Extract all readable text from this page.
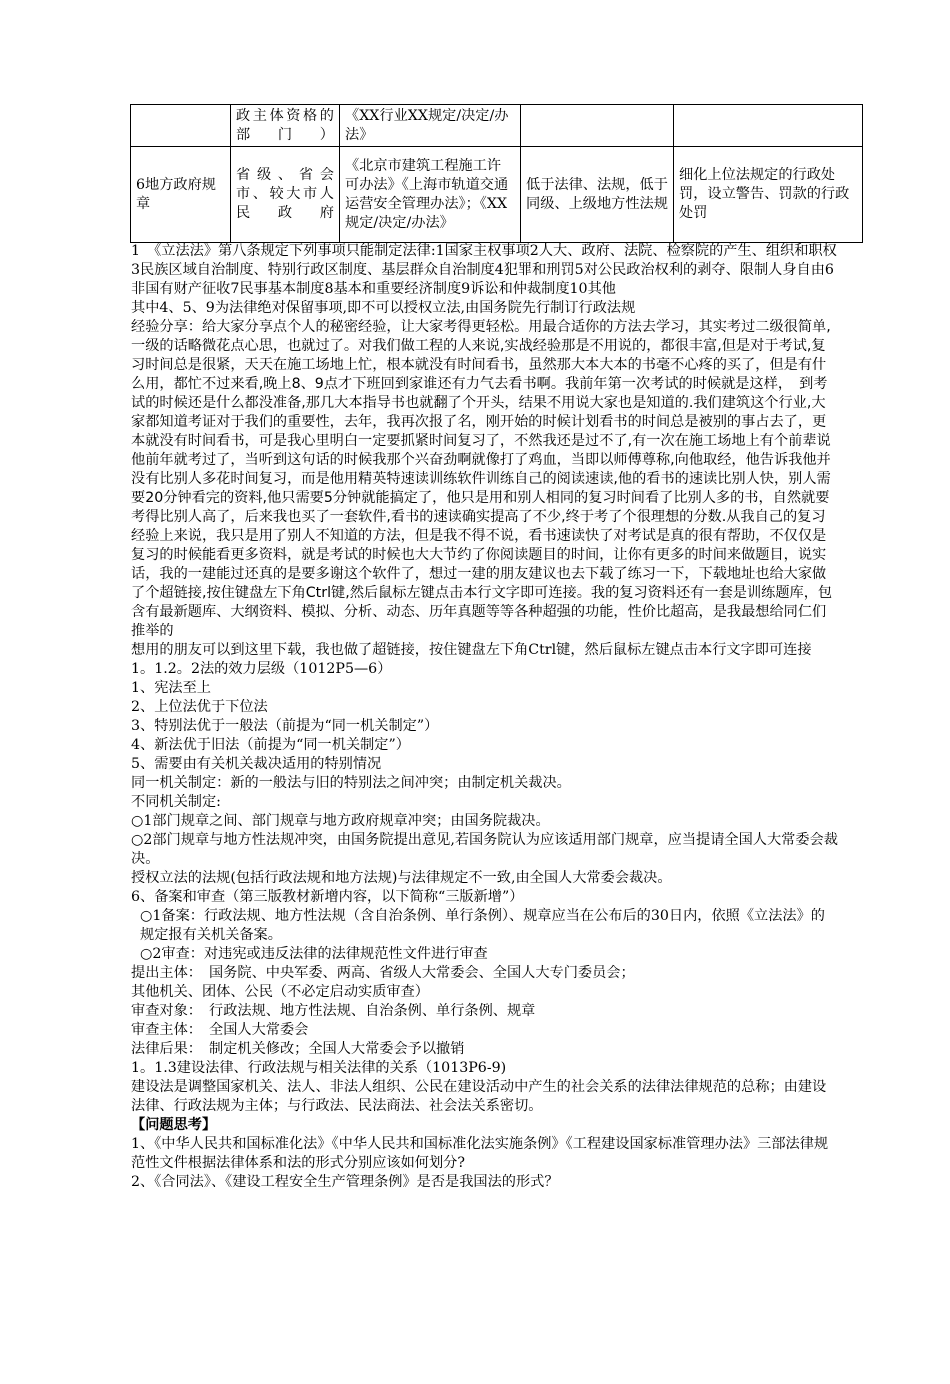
	政主体资格的部门）	《XX行业XX规定/决定/办法》		
6地方政府规章	省级、省会市、较大市人民政府	《北京市建筑工程施工许可办法》《上海市轨道交通运营安全管理办法》；《XX规定/决定/办法》	低于法律、法规，低于同级、上级地方性法规	细化上位法规定的行政处罚，设立警告、罚款的行政处罚

1　《立法法》第八条规定下列事项只能制定法律:1国家主权事项2人大、政府、法院、检察院的产生、组织和职权3民族区域自治制度、特别行政区制度、基层群众自治制度4犯罪和刑罚5对公民政治权利的剥夺、限制人身自由6非国有财产征收7民事基本制度8基本和重要经济制度9诉讼和仲裁制度10其他

其中4、5、9为法律绝对保留事项,即不可以授权立法,由国务院先行制订行政法规

经验分享：给大家分享点个人的秘密经验，让大家考得更轻松。用最合适你的方法去学习，其实考过二级很简单,一级的话略微花点心思，也就过了。对我们做工程的人来说,实战经验那是不用说的，都很丰富,但是对于考试,复习时间总是很紧，天天在施工场地上忙，根本就没有时间看书，虽然那大本大本的书毫不心疼的买了，但是有什么用，都忙不过来看,晚上8、9点才下班回到家谁还有力气去看书啊。我前年第一次考试的时候就是这样，　到考试的时候还是什么都没准备,那几大本指导书也就翻了个开头，结果不用说大家也是知道的.我们建筑这个行业,大家都知道考证对于我们的重要性，去年，我再次报了名，刚开始的时候计划看书的时间总是被别的事占去了，更本就没有时间看书，可是我心里明白一定要抓紧时间复习了，不然我还是过不了,有一次在施工场地上有个前辈说他前年就考过了，当听到这句话的时候我那个兴奋劲啊就像打了鸡血，当即以师傅尊称,向他取经，他告诉我他并没有比别人多花时间复习，而是他用精英特速读训练软件训练自己的阅读速读,他的看书的速读比别人快，别人需要20分钟看完的资料,他只需要5分钟就能搞定了，他只是用和别人相同的复习时间看了比别人多的书，自然就要考得比别人高了，后来我也买了一套软件,看书的速读确实提高了不少,终于考了个很理想的分数.从我自己的复习经验上来说，我只是用了别人不知道的方法，但是我不得不说，看书速读快了对考试是真的很有帮助，不仅仅是复习的时候能看更多资料，就是考试的时候也大大节约了你阅读题目的时间，让你有更多的时间来做题目，说实话，我的一建能过还真的是要多谢这个软件了，想过一建的朋友建议也去下载了练习一下，下载地址也给大家做了个超链接,按住键盘左下角Ctrl键,然后鼠标左键点击本行文字即可连接。我的复习资料还有一套是训练题库，包含有最新题库、大纲资料、模拟、分析、动态、历年真题等等各种超强的功能，性价比超高，是我最想给同仁们推举的

想用的朋友可以到这里下载，我也做了超链接，按住键盘左下角Ctrl键，然后鼠标左键点击本行文字即可连接

1。1.2。2法的效力层级（1012P5—6）

1、宪法至上

2、上位法优于下位法

3、特别法优于一般法（前提为“同一机关制定”）

4、新法优于旧法（前提为“同一机关制定”）

5、需要由有关机关裁决适用的特别情况

同一机关制定：新的一般法与旧的特别法之间冲突；由制定机关裁决。

不同机关制定:

○1部门规章之间、部门规章与地方政府规章冲突；由国务院裁决。

○2部门规章与地方性法规冲突，由国务院提出意见,若国务院认为应该适用部门规章，应当提请全国人大常委会裁决。

授权立法的法规(包括行政法规和地方法规)与法律规定不一致,由全国人大常委会裁决。

6、备案和审查（第三版教材新增内容，以下简称“三版新增”）

○1备案：行政法规、地方性法规（含自治条例、单行条例）、规章应当在公布后的30日内，依照《立法法》的规定报有关机关备案。

○2审查：对违宪或违反法律的法律规范性文件进行审查

提出主体：　国务院、中央军委、两高、省级人大常委会、全国人大专门委员会；

其他机关、团体、公民（不必定启动实质审查）

审查对象：　行政法规、地方性法规、自治条例、单行条例、规章

审查主体：　全国人大常委会

法律后果：　制定机关修改；全国人大常委会予以撤销

1。1.3建设法律、行政法规与相关法律的关系（1013P6-9)

建设法是调整国家机关、法人、非法人组织、公民在建设活动中产生的社会关系的法律法律规范的总称；由建设法律、行政法规为主体；与行政法、民法商法、社会法关系密切。

【问题思考】

1、《中华人民共和国标准化法》《中华人民共和国标准化法实施条例》《工程建设国家标准管理办法》三部法律规范性文件根据法律体系和法的形式分别应该如何划分?

2、《合同法》、《建设工程安全生产管理条例》是否是我国法的形式？
